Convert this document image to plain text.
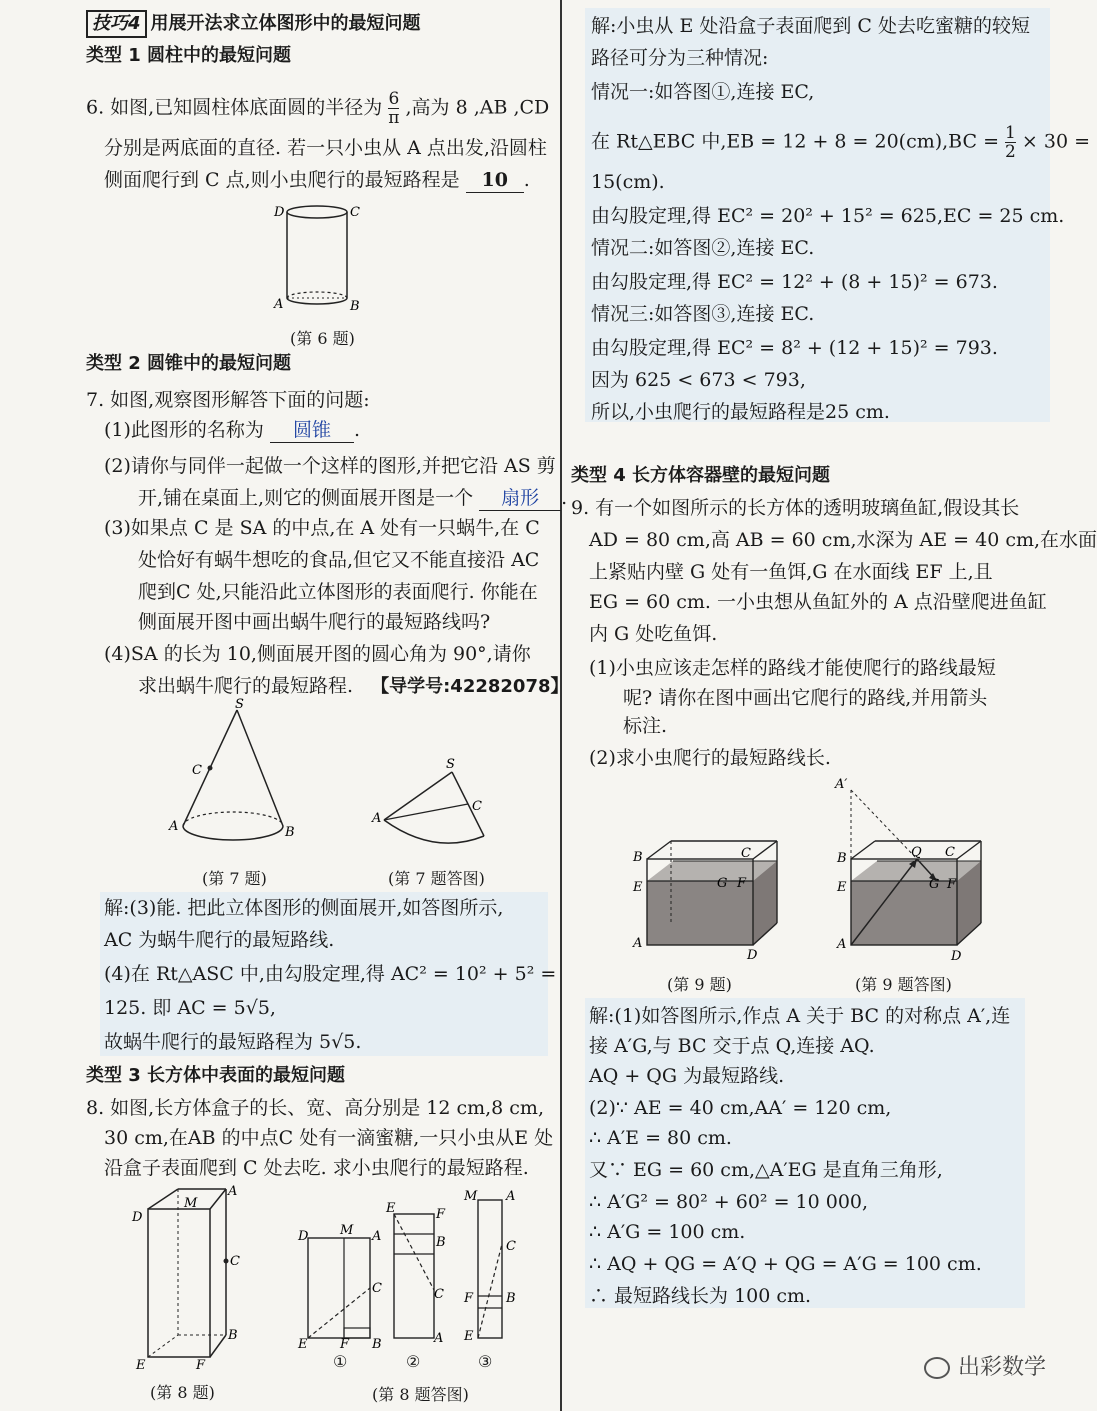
技巧4 用展开法求立体图形中的最短问题
类型 1 圆柱中的最短问题
6. 如图,已知圆柱体底面圆的半径为 $\frac{6}{\pi}$ ,高为 8 ,AB ,CD
分别是两底面的直径. 若一只小虫从 A 点出发,沿圆柱
侧面爬行到 C 点,则小虫爬行的最短路程是 10 .
D	C
A	B
(第 6 题)
类型 2 圆锥中的最短问题
7. 如图,观察图形解答下面的问题:
(1)此图形的名称为 圆锥 .
(2)请你与同伴一起做一个这样的图形,并把它沿 AS 剪
开,铺在桌面上,则它的侧面展开图是一个 扇形 .
(3)如果点 C 是 SA 的中点,在 A 处有一只蜗牛,在 C
处恰好有蜗牛想吃的食品,但它又不能直接沿 AC
爬到C 处,只能沿此立体图形的表面爬行. 你能在
侧面展开图中画出蜗牛爬行的最短路线吗?
(4)SA 的长为 10,侧面展开图的圆心角为 90°,请你
求出蜗牛爬行的最短路程. 【导学号:42282078】
S
C
A	B
(第 7 题)
S
C
A
(第 7 题答图)
解:(3)能. 把此立体图形的侧面展开,如答图所示,
AC 为蜗牛爬行的最短路线.
(4)在 Rt△ASC 中,由勾股定理,得 AC² = 10² + 5² =
125. 即 AC = 5√5,
故蜗牛爬行的最短路程为 5√5.
类型 3 长方体中表面的最短问题
8. 如图,长方体盒子的长、宽、高分别是 12 cm,8 cm,
30 cm,在AB 的中点C 处有一滴蜜糖,一只小虫从E 处
沿盒子表面爬到 C 处去吃. 求小虫爬行的最短路程.
M
A
D
C
B
E	F
(第 8 题)
D M A
C
E	F B
E	F
B
C
A
M A
C
F	B
E
①	②	③
(第 8 题答图)
解:小虫从 E 处沿盒子表面爬到 C 处去吃蜜糖的较短
路径可分为三种情况:
情况一:如答图①,连接 EC,
在 Rt△EBC 中$,EB = 12 + 8 = 20(cm),BC = \frac{1}{2} \times 30$ =
15(cm).
由勾股定理,得 EC² = 20² + 15² = 625,EC = 25 cm.
情况二:如答图②,连接 EC.
由勾股定理,得 EC² = 12² + (8 + 15)² = 673.
情况三:如答图③,连接 EC.
由勾股定理,得 EC² = 8² + (12 + 15)² = 793.
因为 625 < 673 < 793,
所以,小虫爬行的最短路程是25 cm.
类型 4 长方体容器壁的最短问题
9. 有一个如图所示的长方体的透明玻璃鱼缸,假设其长
AD = 80 cm,高 AB = 60 cm,水深为 AE = 40 cm,在水面
上紧贴内壁 G 处有一鱼饵,G 在水面线 EF 上,且
EG = 60 cm. 一小虫想从鱼缸外的 A 点沿壁爬进鱼缸
内 G 处吃鱼饵.
(1)小虫应该走怎样的路线才能使爬行的路线最短
呢? 请你在图中画出它爬行的路线,并用箭头
标注.
(2)求小虫爬行的最短路线长.
B	C
E	G F
A
D
(第 9 题)
A′
B	Q C
E	G F
A
D
(第 9 题答图)
解:(1)如答图所示,作点 A 关于 BC 的对称点 A′,连
接 A′G,与 BC 交于点 Q,连接 AQ.
AQ + QG 为最短路线.
(2)∵ AE = 40 cm,AA′ = 120 cm,
∴ A′E = 80 cm.
又∵ EG = 60 cm,△A′EG 是直角三角形,
∴ A′G² = 80² + 60² = 10 000,
∴ A′G = 100 cm.
∴ AQ + QG = A′Q + QG = A′G = 100 cm.
∴ 最短路线长为 100 cm.
出彩数学
